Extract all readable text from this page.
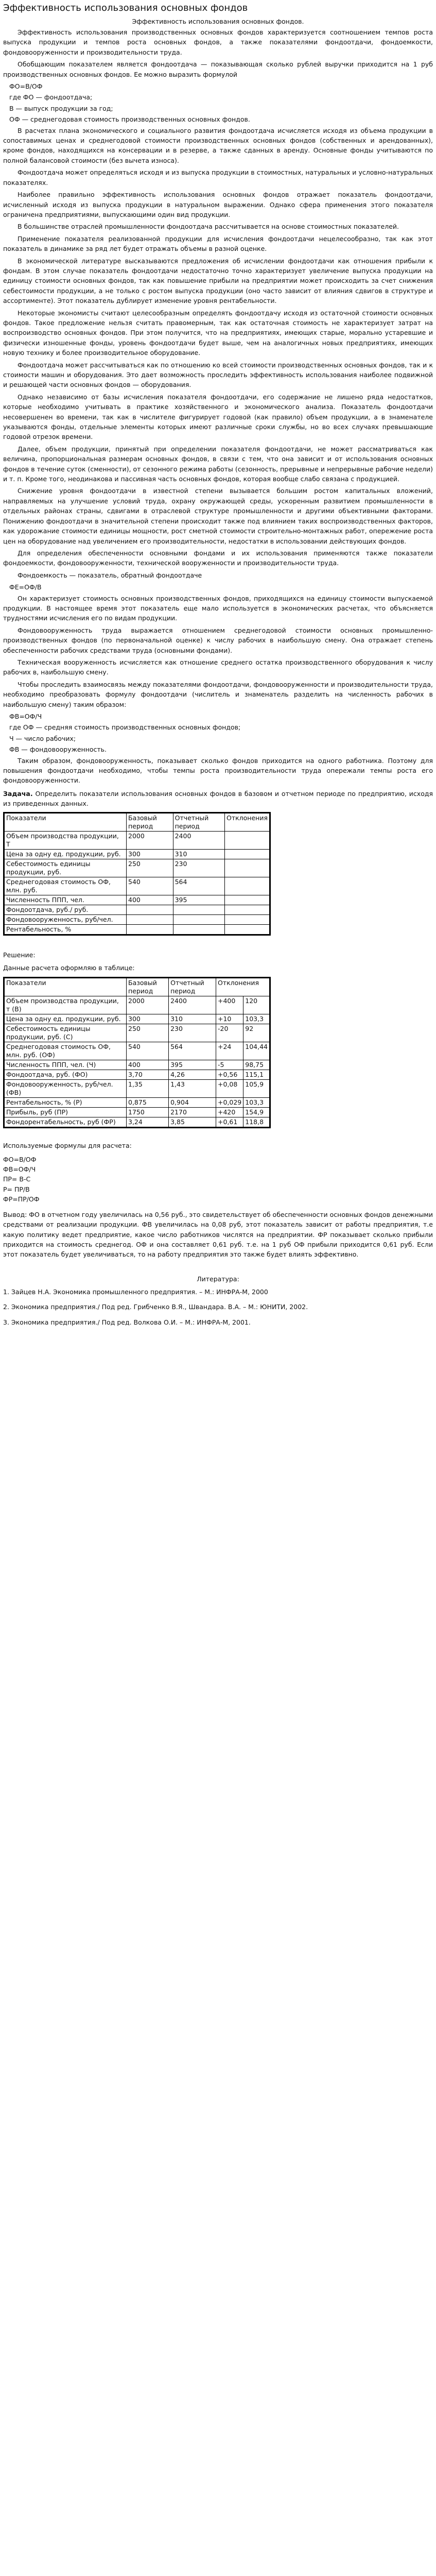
Эффективность использования основных фондов
Эффективность использования основных фондов.

Эффективность использования производственных основных фондов характеризуется соотношением темпов роста выпуска продукции и темпов роста основных фондов, а также показателями фондоотдачи, фондоемкости, фондовооруженности и производительности труда.

Обобщающим показателем является фондоотдача — показывающая сколько рублей выручки приходится на 1 руб производственных основных фондов. Ее можно выразить формулой

ФО=В/ОФ

где ФО — фондоотдача;

В — выпуск продукции за год;

ОФ — среднегодовая стоимость производственных основных фондов.

В расчетах плана экономического и социального развития фондоотдача исчисляется исходя из объема продукции в сопоставимых ценах и среднегодовой стоимости производственных основных фондов (собственных и арендованных), кроме фондов, находящихся на консервации и в резерве, а также сданных в аренду. Основные фонды учитываются по полной балансовой стоимости (без вычета износа).

Фондоотдача может определяться исходя и из выпуска продукции в стоимостных, натуральных и условно-натуральных показателях.

Наиболее правильно эффективность использования основных фондов отражает показатель фондоотдачи, исчисленный исходя из выпуска продукции в натуральном выражении. Однако сфера применения этого показателя ограничена предприятиями, выпускающими один вид продукции.

В большинстве отраслей промышленности фондоотдача рассчитывается на основе стоимостных показателей.

Применение показателя реализованной продукции для исчисления фондоотдачи нецелесообразно, так как этот показатель в динамике за ряд лет будет отражать объемы в разной оценке.

В экономической литературе высказываются предложения об исчислении фондоотдачи как отношения прибыли к фондам. В этом случае показатель фондоотдачи недостаточно точно характеризует увеличение выпуска продукции на единицу стоимости основных фондов, так как повышение прибыли на предприятии может происходить за счет снижения себестоимости продукции, а не только с ростом выпуска продукции (оно часто зависит от влияния сдвигов в структуре и ассортименте). Этот показатель дублирует изменение уровня рентабельности.

Некоторые экономисты считают целесообразным определять фондоотдачу исходя из остаточной стоимости основных фондов. Такое предложение нельзя считать правомерным, так как остаточная стоимость не характеризует затрат на воспроизводство основных фондов. При этом получится, что на предприятиях, имеющих старые, морально устаревшие и физически изношенные фонды, уровень фондоотдачи будет выше, чем на аналогичных новых предприятиях, имеющих новую технику и более производительное оборудование.

Фондоотдача может рассчитываться как по отношению ко всей стоимости производственных основных фондов, так и к стоимости машин и оборудования. Это дает возможность проследить эффективность использования наиболее подвижной и решающей части основных фондов — оборудования.

Однако независимо от базы исчисления показателя фондоотдачи, его содержание не лишено ряда недостатков, которые необходимо учитывать в практике хозяйственного и экономического анализа. Показатель фондоотдачи несовершенен во времени, так как в числителе фигурирует годовой (как правило) объем продукции, а в знаменателе указываются фонды, отдельные элементы которых имеют различные сроки службы, но во всех случаях превышающие годовой отрезок времени.

Далее, объем продукции, принятый при определении показателя фондоотдачи, не может рассматриваться как величина, пропорциональная размерам основных фондов, в связи с тем, что она зависит и от использования основных фондов в течение суток (сменности), от сезонного режима работы (сезонность, прерывные и непрерывные рабочие недели) и т. п. Кроме того, неодинакова и пассивная часть основных фондов, которая вообще слабо связана с продукцией.

Снижение уровня фондоотдачи в известной степени вызывается большим ростом капитальных вложений, направляемых на улучшение условий труда, охрану окружающей среды, ускоренным развитием промышленности в отдельных районах страны, сдвигами в отраслевой структуре промышленности и другими объективными факторами. Понижению фондоотдачи в значительной степени происходит также под влиянием таких воспроизводственных факторов, как удорожание стоимости единицы мощности, рост сметной стоимости строительно-монтажных работ, опережение роста цен на оборудование над увеличением его производительности, недостатки в использовании действующих фондов.

Для определения обеспеченности основными фондами и их использования применяются также показатели фондоемкости, фондовооруженности, технической вооруженности и производительности труда.

Фондоемкость — показатель, обратный фондоотдаче

ФЕ=ОФ/В

Он характеризует стоимость основных производственных фондов, приходящихся на единицу стоимости выпускаемой продукции. В настоящее время этот показатель еще мало используется в экономических расчетах, что объясняется трудностями исчисления его по видам продукции.

Фондовооруженность труда выражается отношением среднегодовой стоимости основных промышленно-производственных фондов (по первоначальной оценке) к числу рабочих в наибольшую смену. Она отражает степень обеспеченности рабочих средствами труда (основными фондами).

Техническая вооруженность исчисляется как отношение среднего остатка производственного оборудования к числу рабочих в, наибольшую смену.

Чтобы проследить взаимосвязь между показателями фондоотдачи, фондовооруженности и производительности труда, необходимо преобразовать формулу фондоотдачи (числитель и знаменатель разделить на численность рабочих в наибольшую смену) таким образом:

ФВ=ОФ/Ч

где ОФ — средняя стоимость производственных основных фондов;

Ч — число рабочих;

ФВ — фондовооруженность.

Таким образом, фондовооруженность, показывает сколько фондов приходится на одного работника. Поэтому для повышения фондоотдачи необходимо, чтобы темпы роста производительности труда опережали темпы роста его фондовооруженности.

Задача. Определить показатели использования основных фондов в базовом и отчетном периоде по предприятию, исходя из приведенных данных.
Показатели	Базовый период	Отчетный период	Отклонения
Объем производства продукции, Т	2000	2400	
Цена за одну ед. продукции, руб.	300	310	
Себестоимость единицы продукции, руб.	250	230	
Среднегодовая стоимость ОФ, млн. руб.	540	564	
Численность ППП, чел.	400	395	
Фондоотдача, руб./ руб.			
Фондовооруженность, руб/чел.			
Рентабельность, %			
Решение:
Данные расчета оформляю в таблице:
Показатели	Базовый период	Отчетный период	Отклонения	
Объем производства продукции, т (В)	2000	2400	+400	120
Цена за одну ед. продукции, руб.	300	310	+10	103,3
Себестоимость единицы продукции, руб. (С)	250	230	-20	92
Среднегодовая стоимость ОФ, млн. руб. (ОФ)	540	564	+24	104,44
Численность ППП, чел. (Ч)	400	395	-5	98,75
Фондоотдача, руб. (ФО)	3,70	4,26	+0,56	115,1
Фондовооруженность, руб/чел. (ФВ)	1,35	1,43	+0,08	105,9
Рентабельность, % (Р)	0,875	0,904	+0,029	103,3
Прибыль, руб (ПР)	1750	2170	+420	154,9
Фондорентабельность, руб (ФР)	3,24	3,85	+0,61	118,8
Используемые формулы для расчета:
ФО=В/ОФ
ФВ=ОФ/Ч
ПР= В-С
Р= ПР/В
ФР=ПР/ОФ
Вывод: ФО в отчетном году увеличилась на 0,56 руб., это свидетельствует об обеспеченности основных фондов денежными средствами от реализации продукции. ФВ увеличилась на 0,08 руб, этот показатель зависит от работы предприятия, т.е какую политику ведет предприятие, какое число работников числятся на предприятии. ФР показывает сколько прибыли приходится на стоимость среднегод. ОФ и она составляет 0,61 руб. т.е. на 1 руб ОФ прибыли приходится 0,61 руб. Если этот показатель будет увеличиваться, то на работу предприятия это также будет влиять эффективно.
Литература:
1. Зайцев Н.А. Экономика промышленного предприятия. – М.: ИНФРА-М, 2000
2. Экономика предприятия./ Под ред. Грибченко В.Я., Швандара. В.А. – М.: ЮНИТИ, 2002.
3. Экономика предприятия./ Под ред. Волкова О.И. – М.: ИНФРА-М, 2001.
